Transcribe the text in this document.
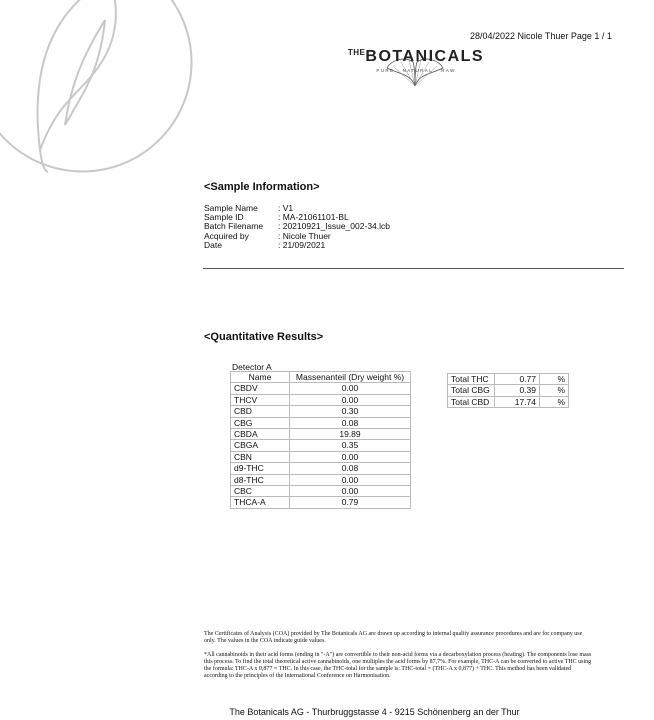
28/04/2022 Nicole Thuer Page 1 / 1
$^{THE}$BOTANICALS
PURE · NATURAL · RAW
<Sample Information>
Sample Name	: V1
Sample ID	: MA-21061101-BL
Batch Filename	: 20210921_Issue_002-34.lcb
Acquired by	: Nicole Thuer
Date	: 21/09/2021
<Quantitative Results>
Detector A
Name	Massenanteil (Dry weight %)
CBDV	0.00
THCV	0.00
CBD	0.30
CBG	0.08
CBDA	19.89
CBGA	0.35
CBN	0.00
d9-THC	0.08
d8-THC	0.00
CBC	0.00
THCA-A	0.79
Total THC	0.77	%
Total CBG	0.39	%
Total CBD	17.74	%
The Certificates of Analysis (COA) provided by The Botanicals AG are drawn up according to internal quality assurance procedures and are for company use only. The values in the COA indicate guide values.
*All cannabinoids in their acid forms (ending in "-A") are convertible to their non-acid forms via a decarboxylation process (heating). The components lose mass this process. To find the total theoretical active cannabinoids, one multiples the acid forms by 87,7%. For example, THC-A can be converted to active THC using the formula: THC-A x 0,877 = THC. In this case, the THC-total for the sample is: THC-total = (THC-A x 0,877) + THC. This method has been validated according to the principles of the International Conference on Harmonisation.
The Botanicals AG - Thurbruggstasse 4 - 9215 Schönenberg an der Thur
